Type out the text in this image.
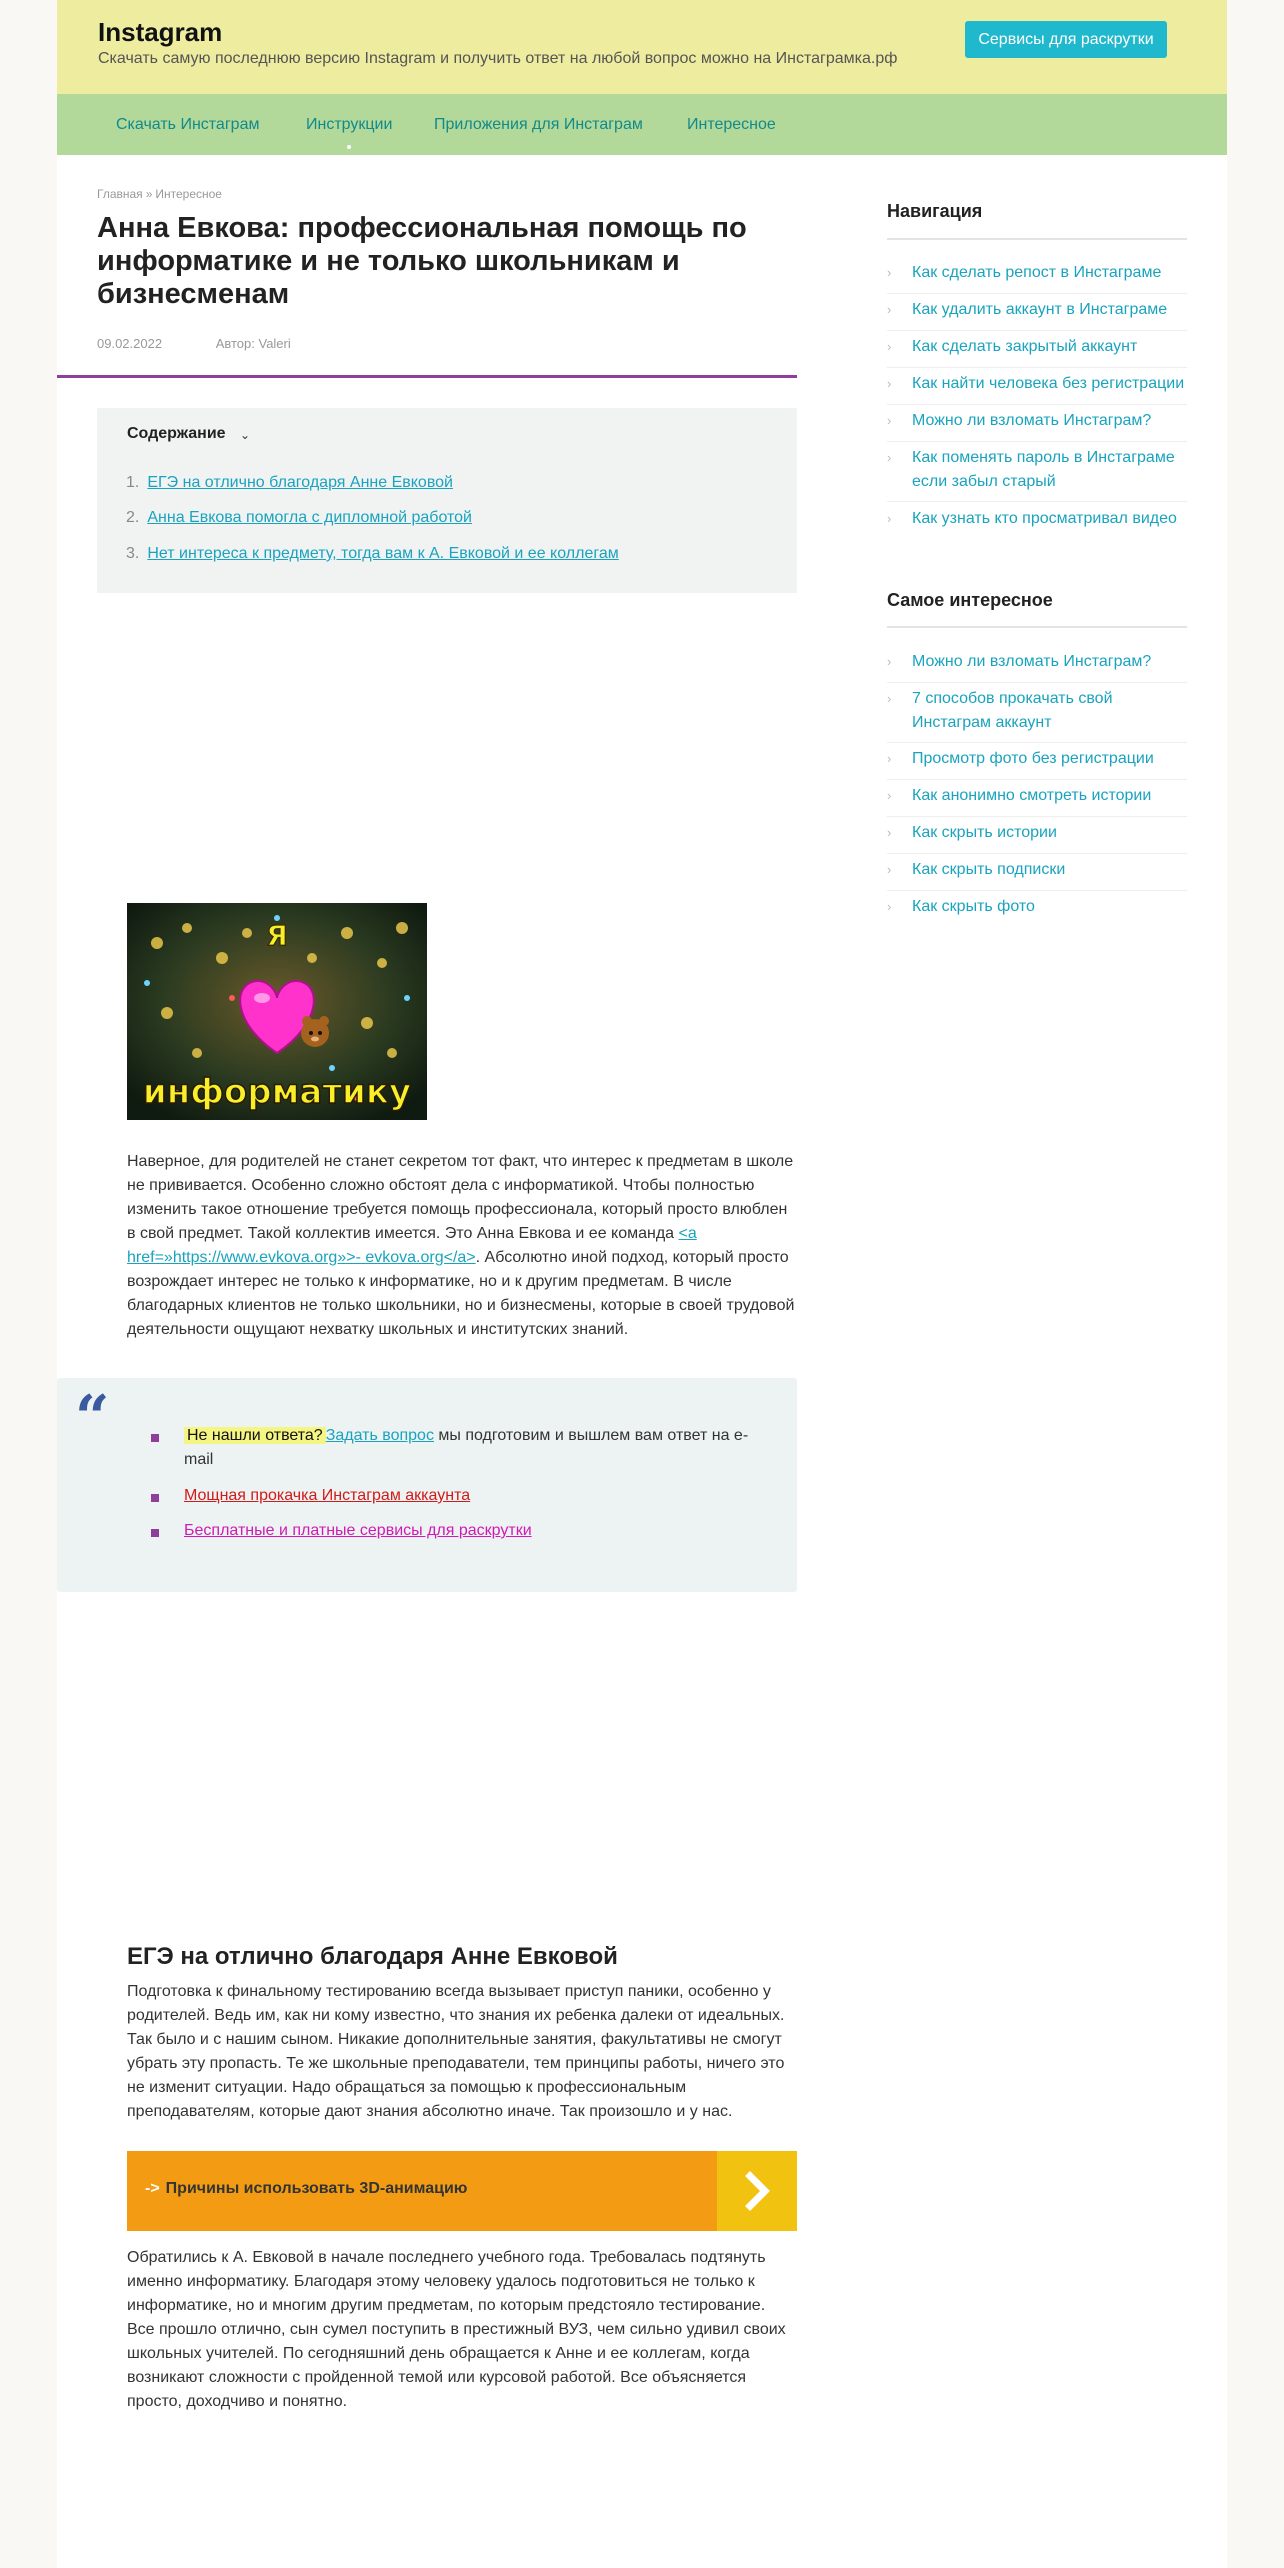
Instagram
Скачать самую последнюю версию Instagram и получить ответ на любой вопрос можно на Инстаграмка.рф
Сервисы для раскрутки
Скачать Инстаграм	Инструкции	Приложения для Инстаграм	Интересное
Главная » Интересное
Анна Евкова: профессиональная помощь по информатике и не только школьникам и бизнесменам
09.02.2022	Автор: Valeri
Содержание ⌄
1. ЕГЭ на отлично благодаря Анне Евковой
2. Анна Евкова помогла с дипломной работой
3. Нет интереса к предмету, тогда вам к А. Евковой и ее коллегам
Я
информатику
Наверное, для родителей не станет секретом тот факт, что интерес к предметам в школе не прививается. Особенно сложно обстоят дела с информатикой. Чтобы полностью изменить такое отношение требуется помощь профессионала, который просто влюблен в свой предмет. Такой коллектив имеется. Это Анна Евкова и ее команда <a href=»https://www.evkova.org»>- evkova.org</a>. Абсолютно иной подход, который просто возрождает интерес не только к информатике, но и к другим предметам. В числе благодарных клиентов не только школьники, но и бизнесмены, которые в своей трудовой деятельности ощущают нехватку школьных и институтских знаний.
“	Не нашли ответа? Задать вопрос мы подготовим и вышлем вам ответ на e-mail
Мощная прокачка Инстаграм аккаунта
Бесплатные и платные сервисы для раскрутки
ЕГЭ на отлично благодаря Анне Евковой
Подготовка к финальному тестированию всегда вызывает приступ паники, особенно у родителей. Ведь им, как ни кому известно, что знания их ребенка далеки от идеальных. Так было и с нашим сыном. Никакие дополнительные занятия, факультативы не смогут убрать эту пропасть. Те же школьные преподаватели, тем принципы работы, ничего это не изменит ситуации. Надо обращаться за помощью к профессиональным преподавателям, которые дают знания абсолютно иначе. Так произошло и у нас.
-> Причины использовать 3D-анимацию
Обратились к А. Евковой в начале последнего учебного года. Требовалась подтянуть именно информатику. Благодаря этому человеку удалось подготовиться не только к информатике, но и многим другим предметам, по которым предстояло тестирование. Все прошло отлично, сын сумел поступить в престижный ВУЗ, чем сильно удивил своих школьных учителей. По сегодняшний день обращается к Анне и ее коллегам, когда возникают сложности с пройденной темой или курсовой работой. Все объясняется просто, доходчиво и понятно.
Навигация
›	Как сделать репост в Инстаграме
›	Как удалить аккаунт в Инстаграме
›	Как сделать закрытый аккаунт
›	Как найти человека без регистрации
›	Можно ли взломать Инстаграм?
›	Как поменять пароль в Инстаграме если забыл старый
›	Как узнать кто просматривал видео
Самое интересное
›	Можно ли взломать Инстаграм?
›	7 способов прокачать свой Инстаграм аккаунт
›	Просмотр фото без регистрации
›	Как анонимно смотреть истории
›	Как скрыть истории
›	Как скрыть подписки
›	Как скрыть фото
